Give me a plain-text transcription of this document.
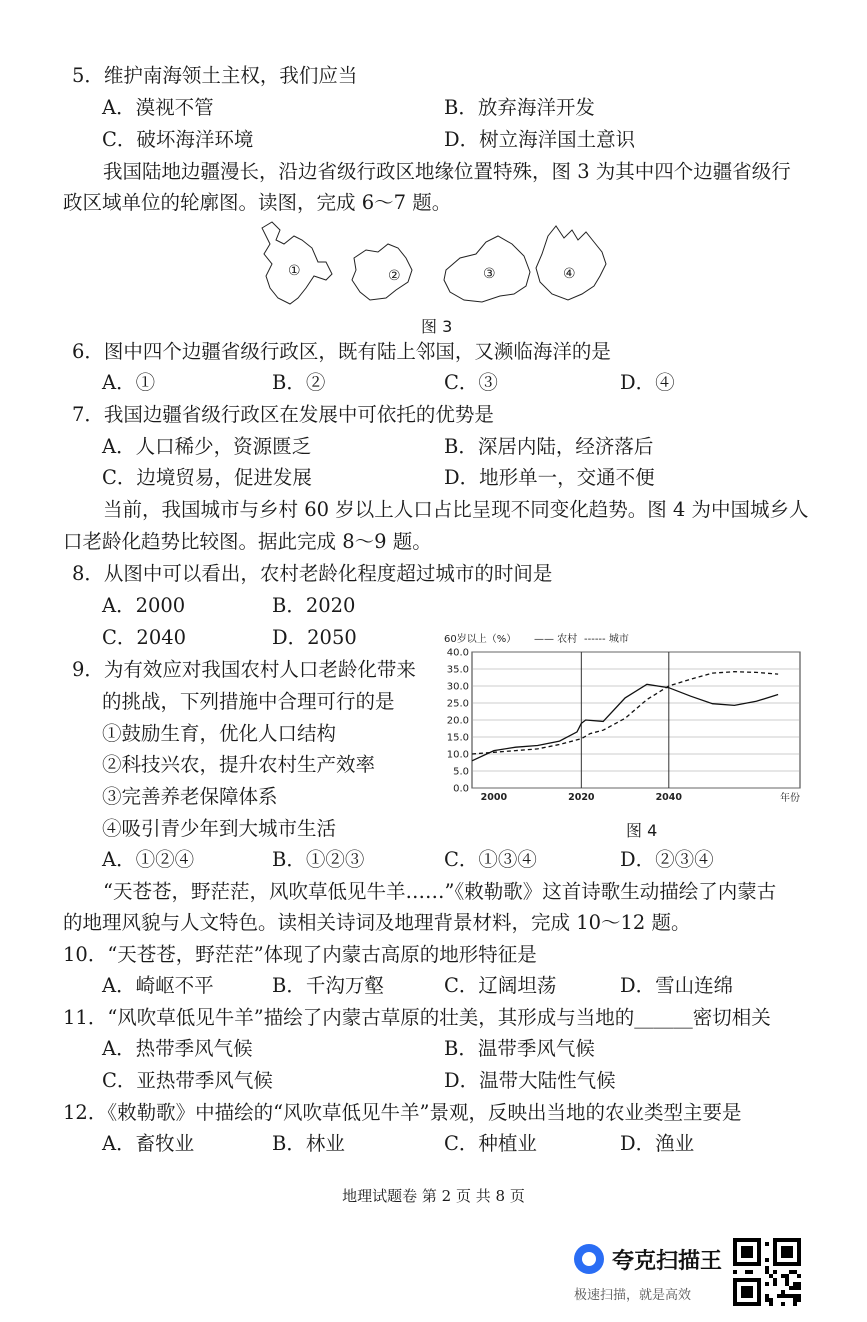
5．维护南海领土主权，我们应当
A．漠视不管	B．放弃海洋开发
C．破坏海洋环境	D．树立海洋国土意识
我国陆地边疆漫长，沿边省级行政区地缘位置特殊，图 3 为其中四个边疆省级行
政区域单位的轮廓图。读图，完成 6～7 题。
①	②	③	④
图 3
6．图中四个边疆省级行政区，既有陆上邻国，又濒临海洋的是
A．①	B．②	C．③	D．④
7．我国边疆省级行政区在发展中可依托的优势是
A．人口稀少，资源匮乏	B．深居内陆，经济落后
C．边境贸易，促进发展	D．地形单一，交通不便
当前，我国城市与乡村 60 岁以上人口占比呈现不同变化趋势。图 4 为中国城乡人
口老龄化趋势比较图。据此完成 8～9 题。
8．从图中可以看出，农村老龄化程度超过城市的时间是
A．2000	B．2020
C．2040	D．2050
9．为有效应对我国农村人口老龄化带来
的挑战，下列措施中合理可行的是
①鼓励生育，优化人口结构
②科技兴农，提升农村生产效率
③完善养老保障体系
④吸引青少年到大城市生活
A．①②④	B．①②③	C．①③④	D．②③④
0.0
5.0
10.0
15.0
20.0
25.0
30.0
35.0
40.0
2000	2020	2040	年份
60岁以上（%） —— 农村 ------ 城市
图 4
“天苍苍，野茫茫，风吹草低见牛羊……”《敕勒歌》这首诗歌生动描绘了内蒙古
的地理风貌与人文特色。读相关诗词及地理背景材料，完成 10～12 题。
10．“天苍苍，野茫茫”体现了内蒙古高原的地形特征是
A．崎岖不平	B．千沟万壑	C．辽阔坦荡	D．雪山连绵
11．“风吹草低见牛羊”描绘了内蒙古草原的壮美，其形成与当地的______密切相关
A．热带季风气候	B．温带季风气候
C．亚热带季风气候	D．温带大陆性气候
12．《敕勒歌》中描绘的“风吹草低见牛羊”景观，反映出当地的农业类型主要是
A．畜牧业	B．林业	C．种植业	D．渔业
地理试题卷 第 2 页 共 8 页
夸克扫描王
极速扫描，就是高效
